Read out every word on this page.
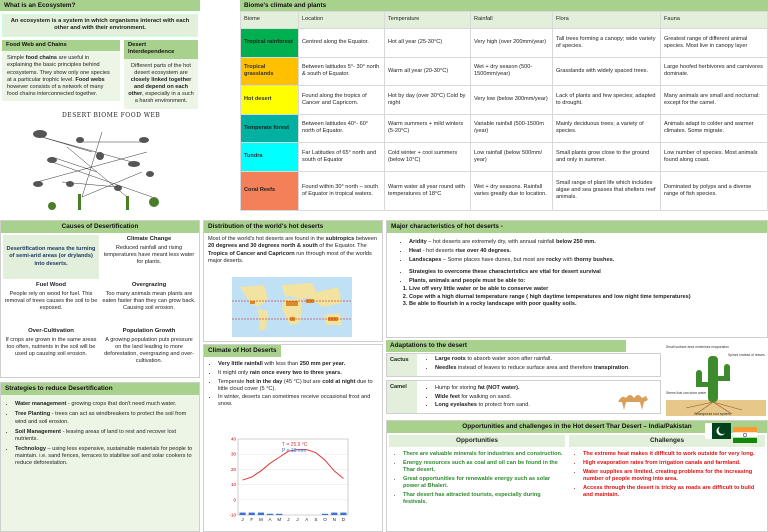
What is an Ecosystem?
An ecosystem is a system in which organisms interact with each other and with their environment.
Food Web and Chains
Simple food chains are useful in explaining the basic principles behind ecosystems. They show only one species at a particular trophic level. Food webs however consists of a network of many food chains interconnected together.
Desert Interdependence
Different parts of the hot desert ecosystem are closely linked together and depend on each other, especially in a such a harsh environment.
DESERT BIOME FOOD WEB
Biome's climate and plants
Biome	Location	Temperature	Rainfall	Flora	Fauna
Tropical rainforest	Centred along the Equator.	Hot all year (25-30°C)	Very high (over 200mm/year)	Tall trees forming a canopy; wide variety of species.	Greatest range of different animal species. Most live in canopy layer
Tropical grasslands	Between latitudes 5°- 30° north & south of Equator.	Warm all year (20-30°C)	Wet + dry season (500-1500mm/year)	Grasslands with widely spaced trees.	Large hoofed herbivores and carnivores dominate.
Hot desert	Found along the tropics of Cancer and Capricorn.	Hot by day (over 30°C) Cold by night	Very low (below 300mm/year)	Lack of plants and few species; adapted to drought.	Many animals are small and nocturnal: except for the camel.
Temperate forest	Between latitudes 40°- 60° north of Equator.	Warm summers + mild winters (5-20°C)	Variable rainfall (500-1500m /year)	Mainly deciduous trees; a variety of species.	Animals adapt to colder and warmer climates. Some migrate.
Tundra	Far Latitudes of 65° north and south of Equator	Cold winter + cool summers (below 10°C)	Low rainfall (below 500mm/ year)	Small plants grow close to the ground and only in summer.	Low number of species. Most animals found along coast.
Coral Reefs	Found within 30° north – south of Equator in tropical waters.	Warm water all year round with temperatures of 18°C	Wet + dry seasons. Rainfall varies greatly due to location.	Small range of plant life which includes algae and sea grasses that shelters reef animals.	Dominated by polyps and a diverse range of fish species.
Causes of Desertification
Desertification means the turning of semi-arid areas (or drylands) into deserts.
Climate Change
Reduced rainfall and rising temperatures have meant less water for plants.
Fuel Wood
People rely on wood for fuel. This removal of trees causes the soil to be exposed.
Overgrazing
Too many animals mean plants are eaten faster than they can grow back. Causing soil erosion.
Over-Cultivation
If crops are grown in the same areas too often, nutrients in the soil will be used up causing soil erosion.
Population Growth
A growing population puts pressure on the land leading to more deforestation, overgrazing and over-cultivation.
Strategies to reduce Desertification
• Water management - growing crops that don't need much water.
• Tree Planting - trees can act as windbreakers to protect the soil from wind and soil erosion.
• Soil Management - leaving areas of land to rest and recover lost nutrients.
• Technology – using less expensive, sustainable materials for people to maintain. i.e. sand fences, terraces to stabilise soil and solar cookers to reduce deforestation.
Distribution of the world's hot deserts
Most of the world's hot deserts are found in the subtropics between 20 degrees and 30 degrees north & south of the Equator. The Tropics of Cancer and Capricorn run through most of the worlds major deserts.
Climate of Hot Deserts
• Very little rainfall with less than 250 mm per year.
• It might only rain once every two to three years.
• Temperate hot in the day (45 °C) but are cold at night due to little cloud cover (5 °C).
• In winter, deserts can sometimes receive occasional frost and snow.
40
30
20
10
0
-10
J F M A M J J A S O N D
T = 25.9 °C
P = 18 mm
Major characteristics of hot deserts -
• Aridity – hot deserts are extremely dry, with annual rainfall below 250 mm.
• Heat - hot deserts rise over 40 degrees.
• Landscapes – Some places have dunes, but most are rocky with thorny bushes.
• Strategies to overcome these characteristics are vital for desert survival
• Plants, animals and people must be able to:
1. Live off very little water or be able to conserve water
2. Cope with a high diurnal temperature range ( high daytime temperatures and low night time temperatures)
3. Be able to flourish in a rocky landscape with poor quality soils.
Adaptations to the desert
Cactus	• Large roots to absorb water soon after rainfall.
• Needles instead of leaves to reduce surface area and therefore transpiration.
Camel	• Hump for storing fat (NOT water).
• Wide feet for walking on sand.
• Long eyelashes to protect from sand.
Small surface area minimises evaporation
Spines instead of leaves
Stems that can store water
Widespread root system
Opportunities and challenges in the Hot desert Thar Desert – India/Pakistan
Opportunities
• There are valuable minerals for industries and construction.
• Energy resources such as coal and oil can be found in the Thar desert.
• Great opportunities for renewable energy such as solar power at Bhaleri.
• Thar desert has attracted tourists, especially during festivals.
Challenges
• The extreme heat makes it difficult to work outside for very long.
• High evaporation rates from irrigation canals and farmland.
• Water supplies are limited, creating problems for the increasing number of people moving into area.
• Access through the desert is tricky as roads are difficult to build and maintain.
